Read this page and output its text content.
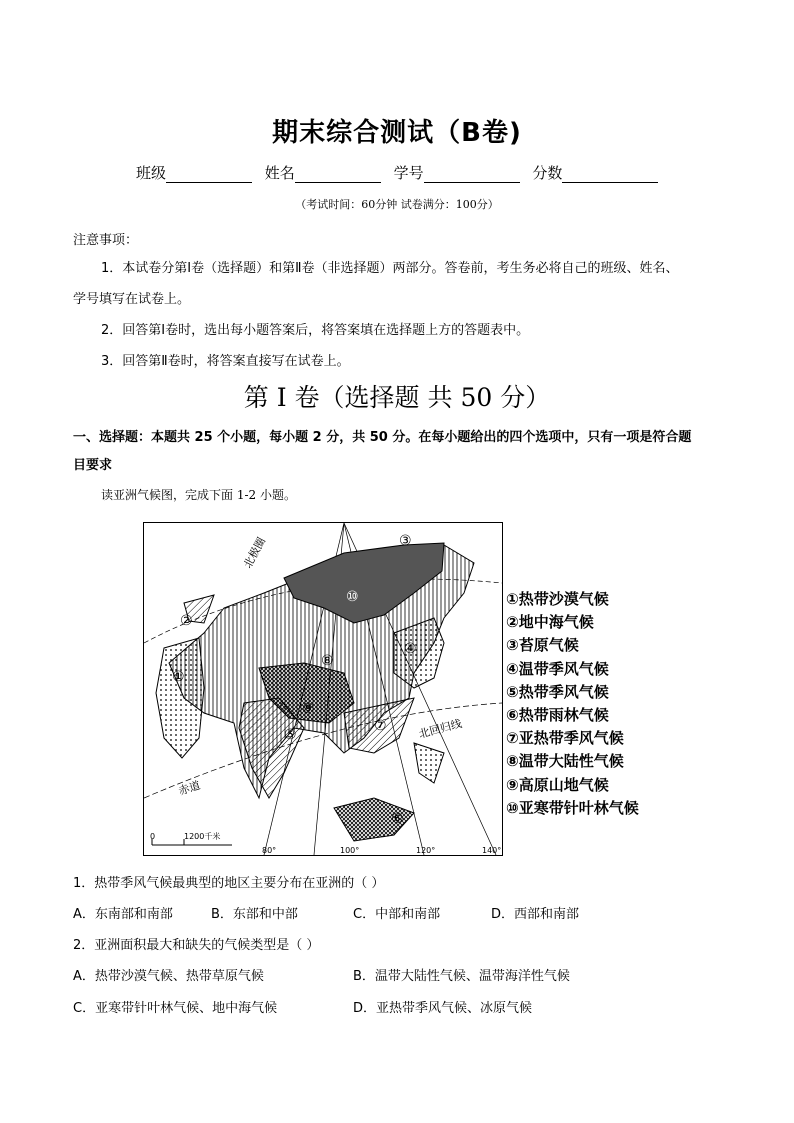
期末综合测试（B卷)
班级	姓名	学号	分数
（考试时间：60分钟 试卷满分：100分）
注意事项：
1．本试卷分第Ⅰ卷（选择题）和第Ⅱ卷（非选择题）两部分。答卷前，考生务必将自己的班级、姓名、
学号填写在试卷上。
2．回答第Ⅰ卷时，选出每小题答案后，将答案填在选择题上方的答题表中。
3．回答第Ⅱ卷时，将答案直接写在试卷上。
第 I 卷（选择题 共 50 分）
一、选择题：本题共 25 个小题，每小题 2 分，共 50 分。在每小题给出的四个选项中，只有一项是符合题
目要求
读亚洲气候图，完成下面 1-2 小题。
①
②
③
④
⑤
⑥
⑦
⑧
⑨
⑩
北极圈
北回归线
赤道
0	1200千米
80°	100°	120°	140°
①热带沙漠气候
②地中海气候
③苔原气候
④温带季风气候
⑤热带季风气候
⑥热带雨林气候
⑦亚热带季风气候
⑧温带大陆性气候
⑨高原山地气候
⑩亚寒带针叶林气候
1．热带季风气候最典型的地区主要分布在亚洲的（ ）
A．东南部和南部	B．东部和中部	C．中部和南部	D．西部和南部
2．亚洲面积最大和缺失的气候类型是（ ）
A．热带沙漠气候、热带草原气候	B．温带大陆性气候、温带海洋性气候
C．亚寒带针叶林气候、地中海气候	D．亚热带季风气候、冰原气候
